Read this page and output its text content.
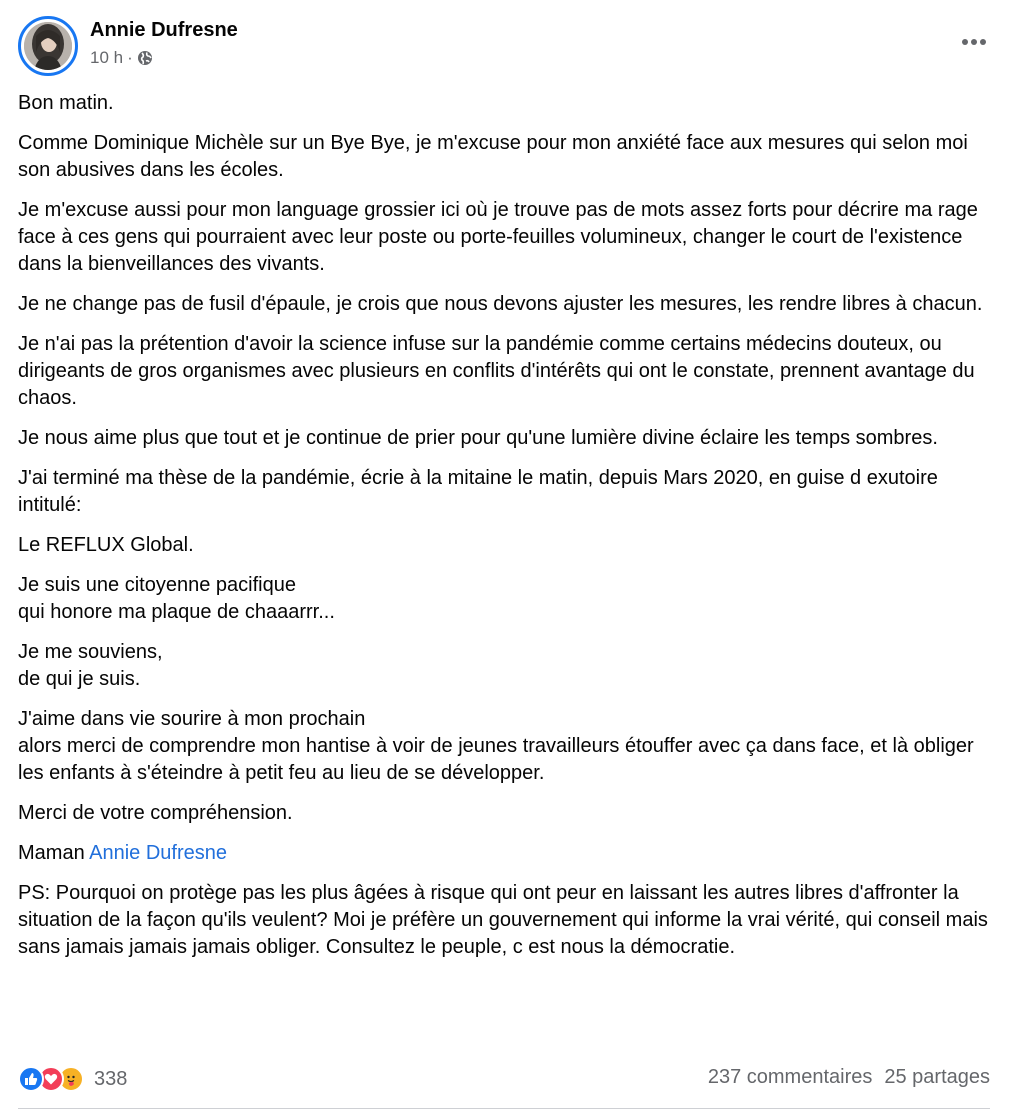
Annie Dufresne
10 h ·

Bon matin.

Comme Dominique Michèle sur un Bye Bye, je m'excuse pour mon anxiété face aux mesures qui selon moi son abusives dans les écoles.

Je m'excuse aussi pour mon language grossier ici où je trouve pas de mots assez forts pour décrire ma rage face à ces gens qui pourraient avec leur poste ou porte-feuilles volumineux, changer le court de l'existence dans la bienveillances des vivants.

Je ne change pas de fusil d'épaule, je crois que nous devons ajuster les mesures, les rendre libres à chacun.

Je n'ai pas la prétention d'avoir la science infuse sur la pandémie comme certains médecins douteux, ou dirigeants de gros organismes avec plusieurs en conflits d'intérêts qui ont le constate, prennent avantage du chaos.

Je nous aime plus que tout et je continue de prier pour qu'une lumière divine éclaire les temps sombres.

J'ai terminé ma thèse de la pandémie, écrie à la mitaine le matin, depuis Mars 2020, en guise d exutoire intitulé:

Le REFLUX Global.

Je suis une citoyenne pacifique
qui honore ma plaque de chaaarrr...

Je me souviens,
de qui je suis.

J'aime dans vie sourire à mon prochain
alors merci de comprendre mon hantise à voir de jeunes travailleurs étouffer avec ça dans face, et là obliger les enfants à s'éteindre à petit feu au lieu de se développer.

Merci de votre compréhension.

Maman Annie Dufresne

PS: Pourquoi on protège pas les plus âgées à risque qui ont peur en laissant les autres libres d'affronter la situation de la façon qu'ils veulent? Moi je préfère un gouvernement qui informe la vrai vérité, qui conseil mais sans jamais jamais jamais obliger. Consultez le peuple, c est nous la démocratie.

338	237 commentaires 25 partages
